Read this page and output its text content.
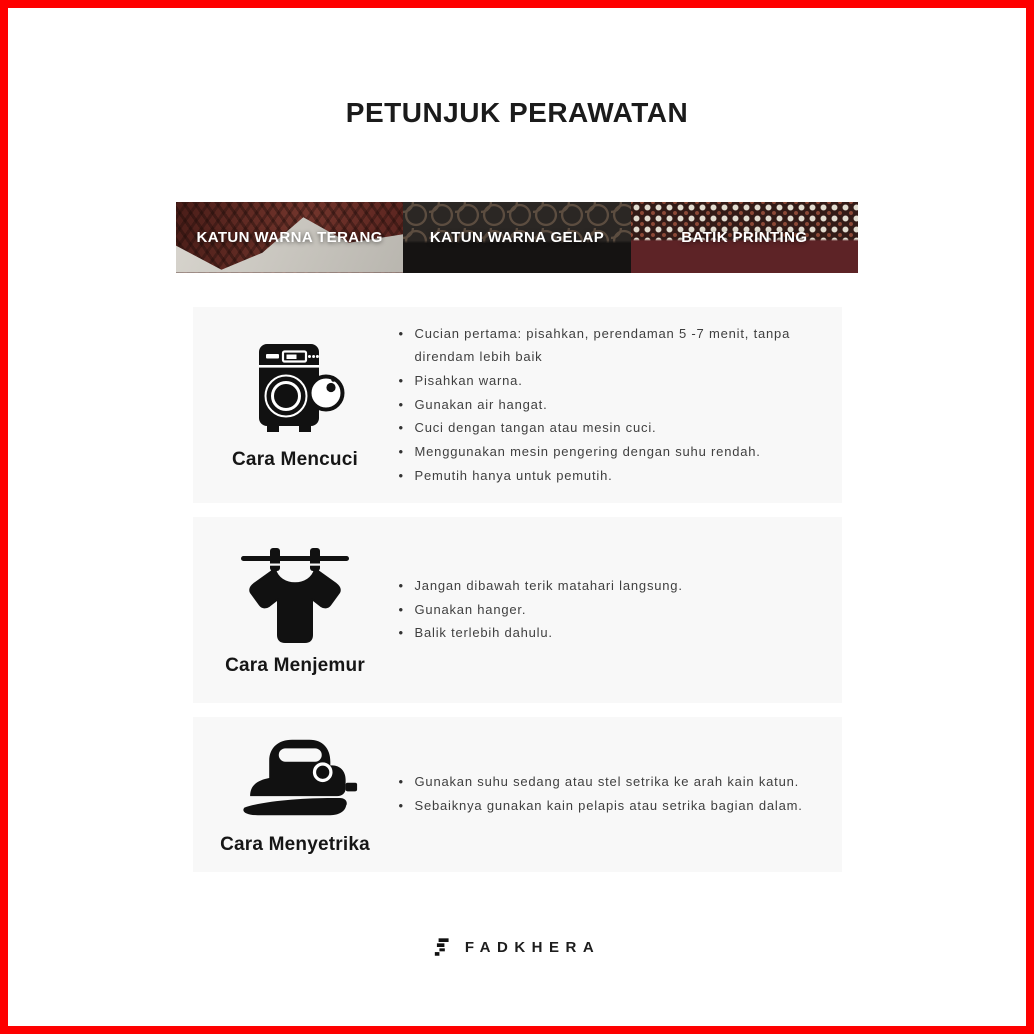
PETUNJUK PERAWATAN
KATUN WARNA TERANG	KATUN WARNA GELAP	BATIK PRINTING
Cara Mencuci
• Cucian pertama: pisahkan, perendaman 5 -7 menit, tanpa direndam lebih baik
• Pisahkan warna.
• Gunakan air hangat.
• Cuci dengan tangan atau mesin cuci.
• Menggunakan mesin pengering dengan suhu rendah.
• Pemutih hanya untuk pemutih.
Cara Menjemur
• Jangan dibawah terik matahari langsung.
• Gunakan hanger.
• Balik terlebih dahulu.
Cara Menyetrika
• Gunakan suhu sedang atau stel setrika ke arah kain katun.
• Sebaiknya gunakan kain pelapis atau setrika bagian dalam.
FADKHERA
